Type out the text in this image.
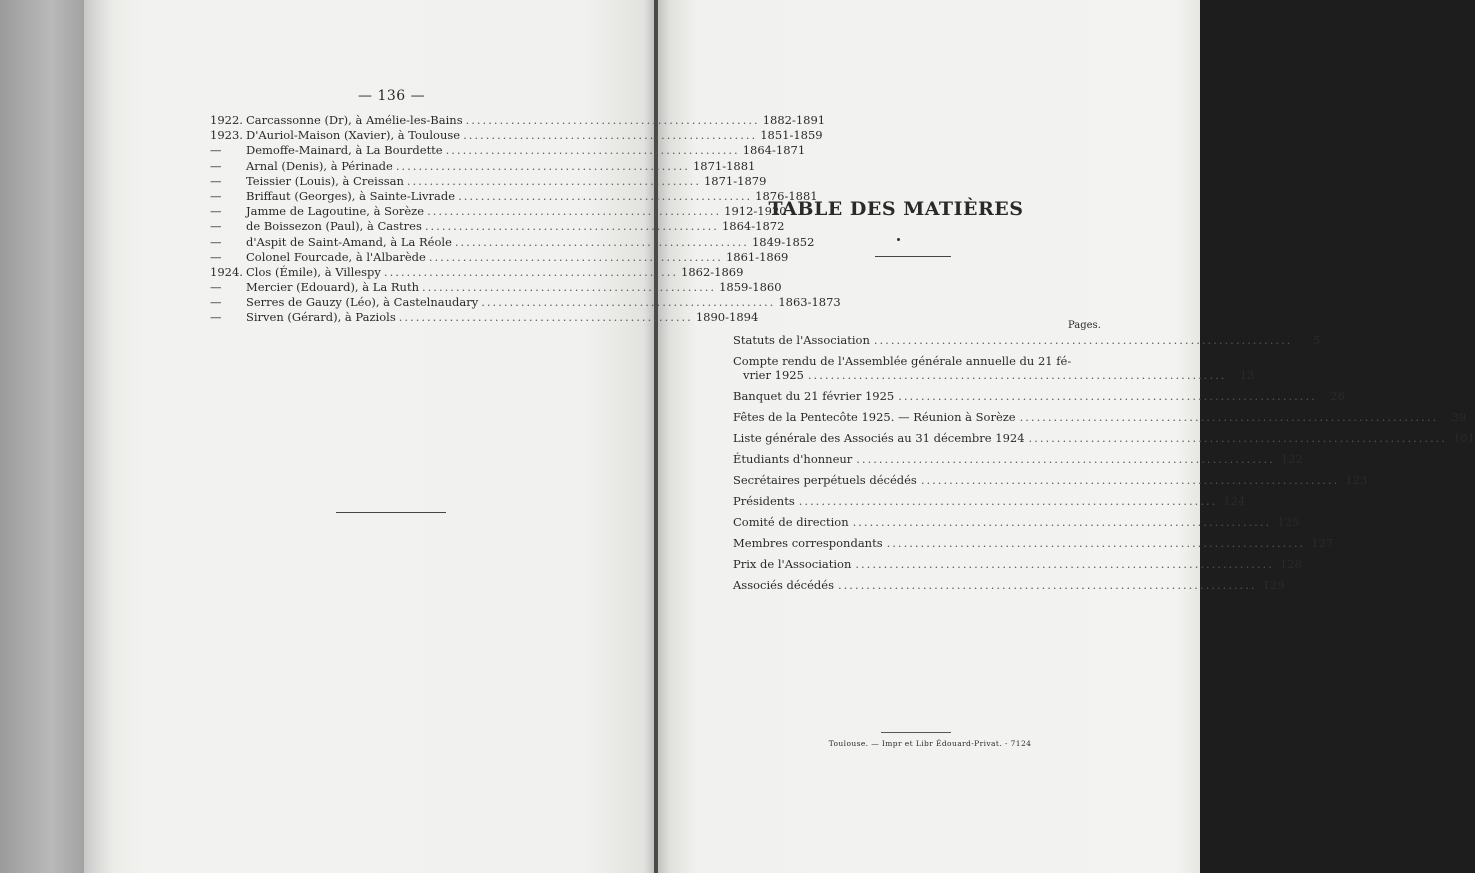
— 136 —
1922. Carcassonne (Dr), à Amélie-les-Bains .................................................... 1882-1891
1923. D'Auriol-Maison (Xavier), à Toulouse .................................................... 1851-1859
—	Demoffe-Mainard, à La Bourdette .................................................... 1864-1871
—	Arnal (Denis), à Périnade .................................................... 1871-1881
—	Teissier (Louis), à Creissan .................................................... 1871-1879
—	Briffaut (Georges), à Sainte-Livrade .................................................... 1876-1881
—	Jamme de Lagoutine, à Sorèze .................................................... 1912-1920
—	de Boissezon (Paul), à Castres .................................................... 1864-1872
—	d'Aspit de Saint-Amand, à La Réole .................................................... 1849-1852
—	Colonel Fourcade, à l'Albarède .................................................... 1861-1869
1924. Clos (Émile), à Villespy .................................................... 1862-1869
—	Mercier (Edouard), à La Ruth .................................................... 1859-1860
—	Serres de Gauzy (Léo), à Castelnaudary .................................................... 1863-1873
—	Sirven (Gérard), à Paziols .................................................... 1890-1894
TABLE DES MATIÈRES
Pages.
Statuts de l'Association ..........................................................................	5
Compte rendu de l'Assemblée générale annuelle du 21 fé-
vrier 1925 ..........................................................................	13
Banquet du 21 février 1925 ..........................................................................	26
Fêtes de la Pentecôte 1925. — Réunion à Sorèze ..........................................................................	39
Liste générale des Associés au 31 décembre 1924 .......................................................................... 101
Étudiants d'honneur .......................................................................... 122
Secrétaires perpétuels décédés .......................................................................... 123
Présidents .......................................................................... 124
Comité de direction .......................................................................... 125
Membres correspondants .......................................................................... 127
Prix de l'Association .......................................................................... 128
Associés décédés .......................................................................... 129
Toulouse. — Impr et Libr Édouard-Privat. - 7124
